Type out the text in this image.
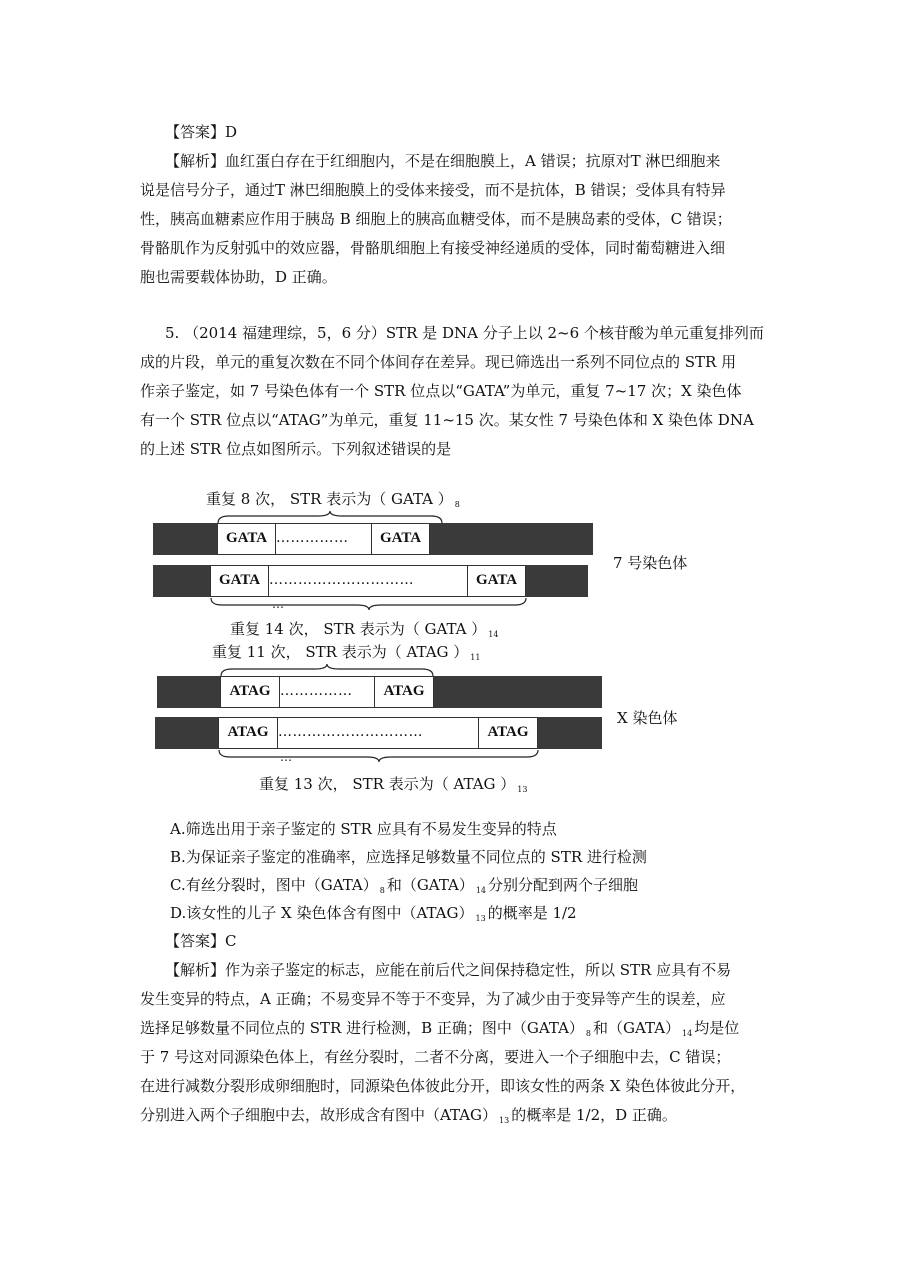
【答案】D
【解析】血红蛋白存在于红细胞内，不是在细胞膜上，A 错误；抗原对T 淋巴细胞来
说是信号分子，通过T 淋巴细胞膜上的受体来接受，而不是抗体，B 错误；受体具有特异
性，胰高血糖素应作用于胰岛 B 细胞上的胰高血糖受体，而不是胰岛素的受体，C 错误；
骨骼肌作为反射弧中的效应器，骨骼肌细胞上有接受神经递质的受体，同时葡萄糖进入细
胞也需要载体协助，D 正确。
5. （2014 福建理综，5，6 分）STR 是 DNA 分子上以 2~6 个核苷酸为单元重复排列而
成的片段，单元的重复次数在不同个体间存在差异。现已筛选出一系列不同位点的 STR 用
作亲子鉴定，如 7 号染色体有一个 STR 位点以“GATA”为单元，重复 7~17 次；X 染色体
有一个 STR 位点以“ATAG”为单元，重复 11~15 次。某女性 7 号染色体和 X 染色体 DNA
的上述 STR 位点如图所示。下列叙述错误的是
重复 8 次， STR 表示为（ GATA ） $_8$
GATA ……………	GATA
GATA …………………………	GATA
7 号染色体
…
重复 14 次， STR 表示为（ GATA ） $_{14}$
重复 11 次， STR 表示为（ ATAG ） $_{11}$
ATAG ……………	ATAG
ATAG …………………………	ATAG
X 染色体
…
重复 13 次， STR 表示为（ ATAG ） $_{13}$
A.筛选出用于亲子鉴定的 STR 应具有不易发生变异的特点
B.为保证亲子鉴定的准确率，应选择足够数量不同位点的 STR 进行检测
C.有丝分裂时，图中（GATA） $_8$ 和（GATA） $_{14}$ 分别分配到两个子细胞
D.该女性的儿子 X 染色体含有图中（ATAG） $_{13}$ 的概率是 1/2
【答案】C
【解析】作为亲子鉴定的标志，应能在前后代之间保持稳定性，所以 STR 应具有不易
发生变异的特点，A 正确；不易变异不等于不变异，为了减少由于变异等产生的误差，应
选择足够数量不同位点的 STR 进行检测，B 正确；图中（GATA） $_8$ 和（GATA） $_{14}$ 均是位
于 7 号这对同源染色体上，有丝分裂时，二者不分离，要进入一个子细胞中去，C 错误；
在进行减数分裂形成卵细胞时，同源染色体彼此分开，即该女性的两条 X 染色体彼此分开，
分别进入两个子细胞中去，故形成含有图中（ATAG） $_{13}$ 的概率是 1/2，D 正确。
